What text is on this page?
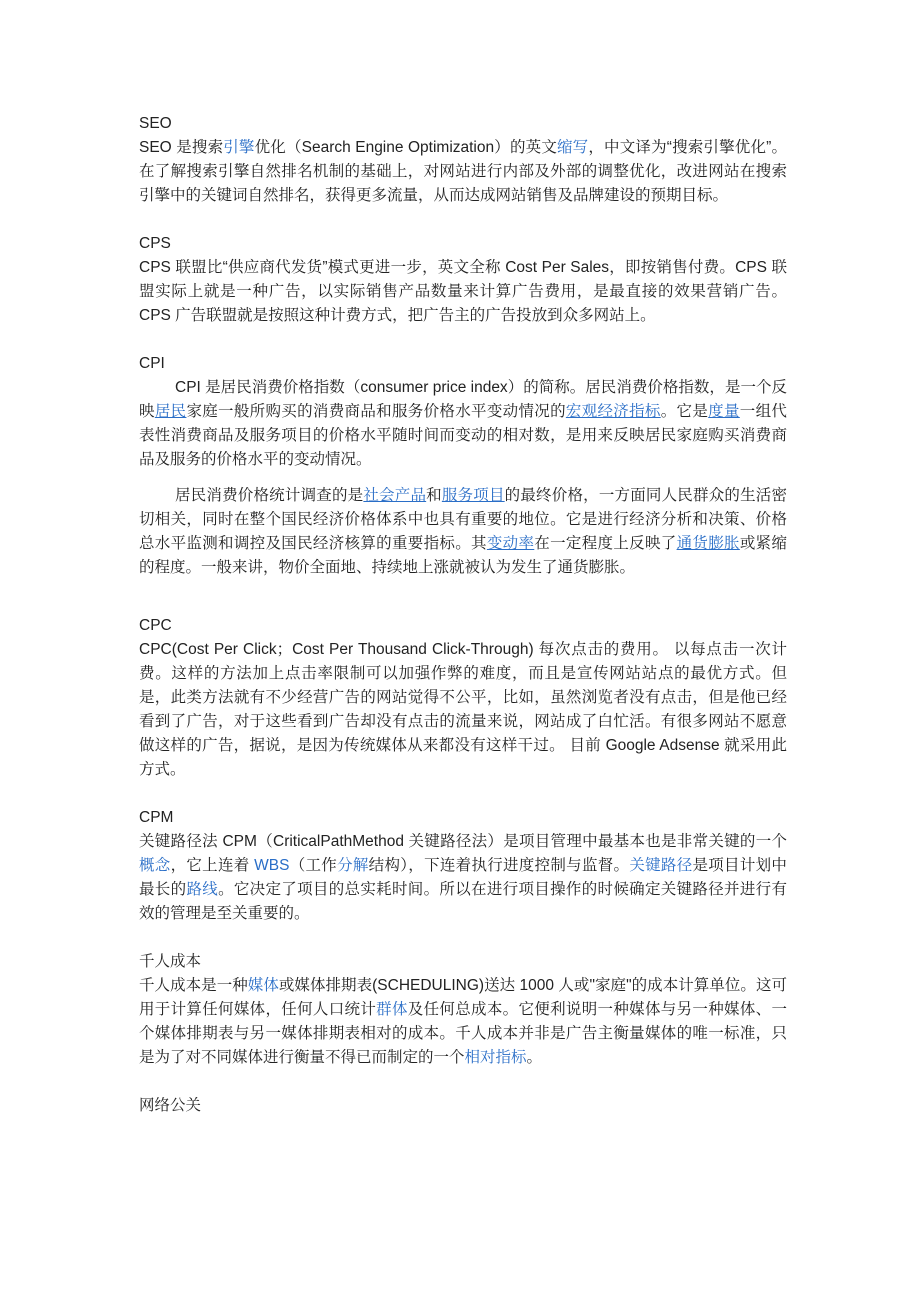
SEO

SEO 是搜索引擎优化（Search Engine Optimization）的英文缩写，中文译为“搜索引擎优化”。在了解搜索引擎自然排名机制的基础上，对网站进行内部及外部的调整优化，改进网站在搜索引擎中的关键词自然排名，获得更多流量，从而达成网站销售及品牌建设的预期目标。

CPS

CPS 联盟比“供应商代发货”模式更进一步，英文全称 Cost Per Sales，即按销售付费。CPS 联盟实际上就是一种广告，以实际销售产品数量来计算广告费用，是最直接的效果营销广告。CPS 广告联盟就是按照这种计费方式，把广告主的广告投放到众多网站上。

CPI

CPI 是居民消费价格指数（consumer price index）的简称。居民消费价格指数，是一个反映居民家庭一般所购买的消费商品和服务价格水平变动情况的宏观经济指标。它是度量一组代表性消费商品及服务项目的价格水平随时间而变动的相对数，是用来反映居民家庭购买消费商品及服务的价格水平的变动情况。

居民消费价格统计调查的是社会产品和服务项目的最终价格，一方面同人民群众的生活密切相关，同时在整个国民经济价格体系中也具有重要的地位。它是进行经济分析和决策、价格总水平监测和调控及国民经济核算的重要指标。其变动率在一定程度上反映了通货膨胀或紧缩的程度。一般来讲，物价全面地、持续地上涨就被认为发生了通货膨胀。

CPC

CPC(Cost Per Click；Cost Per Thousand Click-Through) 每次点击的费用。 以每点击一次计费。这样的方法加上点击率限制可以加强作弊的难度，而且是宣传网站站点的最优方式。但是，此类方法就有不少经营广告的网站觉得不公平，比如，虽然浏览者没有点击，但是他已经看到了广告，对于这些看到广告却没有点击的流量来说，网站成了白忙活。有很多网站不愿意做这样的广告，据说，是因为传统媒体从来都没有这样干过。 目前 Google Adsense 就采用此方式。

CPM

关键路径法 CPM（CriticalPathMethod 关键路径法）是项目管理中最基本也是非常关键的一个概念，它上连着 WBS（工作分解结构），下连着执行进度控制与监督。关键路径是项目计划中最长的路线。它决定了项目的总实耗时间。所以在进行项目操作的时候确定关键路径并进行有效的管理是至关重要的。

千人成本

千人成本是一种媒体或媒体排期表(SCHEDULING)送达 1000 人或"家庭"的成本计算单位。这可用于计算任何媒体，任何人口统计群体及任何总成本。它便利说明一种媒体与另一种媒体、一个媒体排期表与另一媒体排期表相对的成本。千人成本并非是广告主衡量媒体的唯一标准，只是为了对不同媒体进行衡量不得已而制定的一个相对指标。

网络公关
